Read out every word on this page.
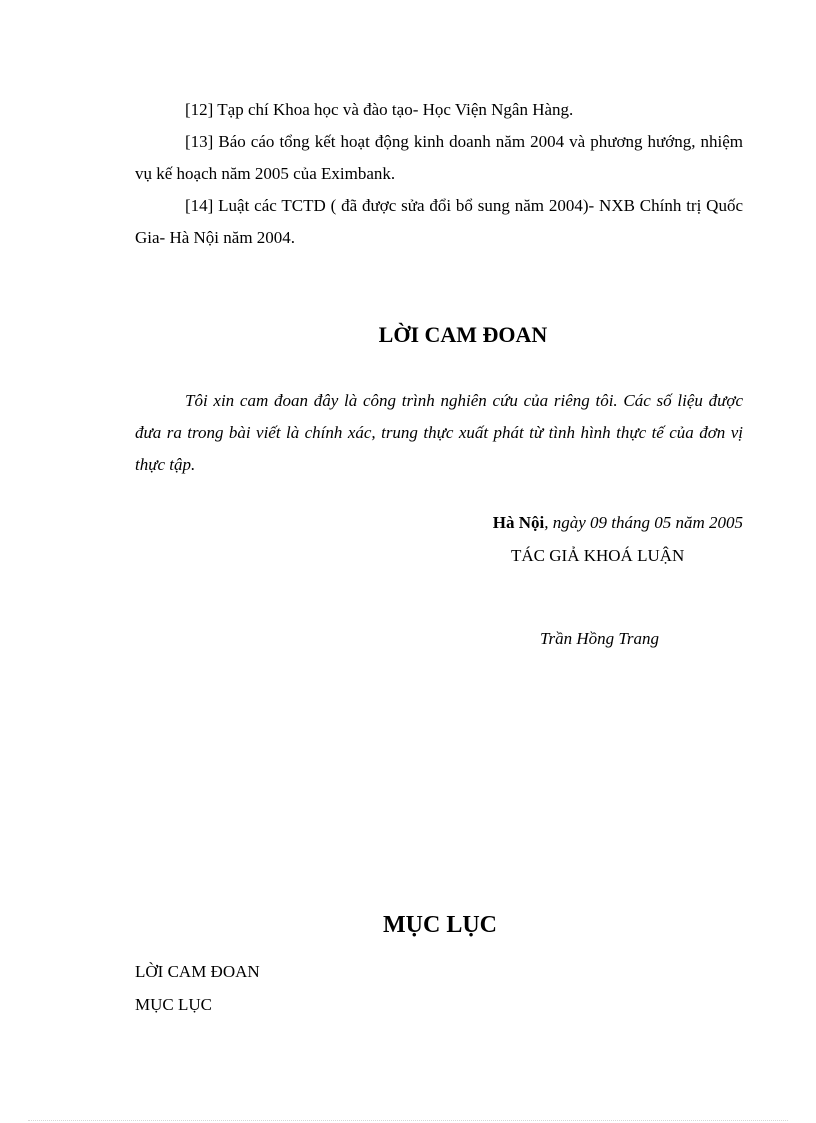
[12] Tạp chí Khoa học và đào tạo- Học Viện Ngân Hàng.

[13] Báo cáo tổng kết hoạt động kinh doanh năm 2004 và phương hướng, nhiệm vụ kế hoạch năm 2005 của Eximbank.

[14] Luật các TCTD ( đã được sửa đổi bổ sung năm 2004)- NXB Chính trị Quốc Gia- Hà Nội năm 2004.

LỜI CAM ĐOAN

Tôi xin cam đoan đây là công trình nghiên cứu của riêng tôi. Các số liệu được đưa ra trong bài viết là chính xác, trung thực xuất phát từ tình hình thực tế của đơn vị thực tập.

Hà Nội, ngày 09 tháng 05 năm 2005
TÁC GIẢ KHOÁ LUẬN
Trần Hồng Trang
MỤC LỤC
LỜI CAM ĐOAN
MỤC LỤC
